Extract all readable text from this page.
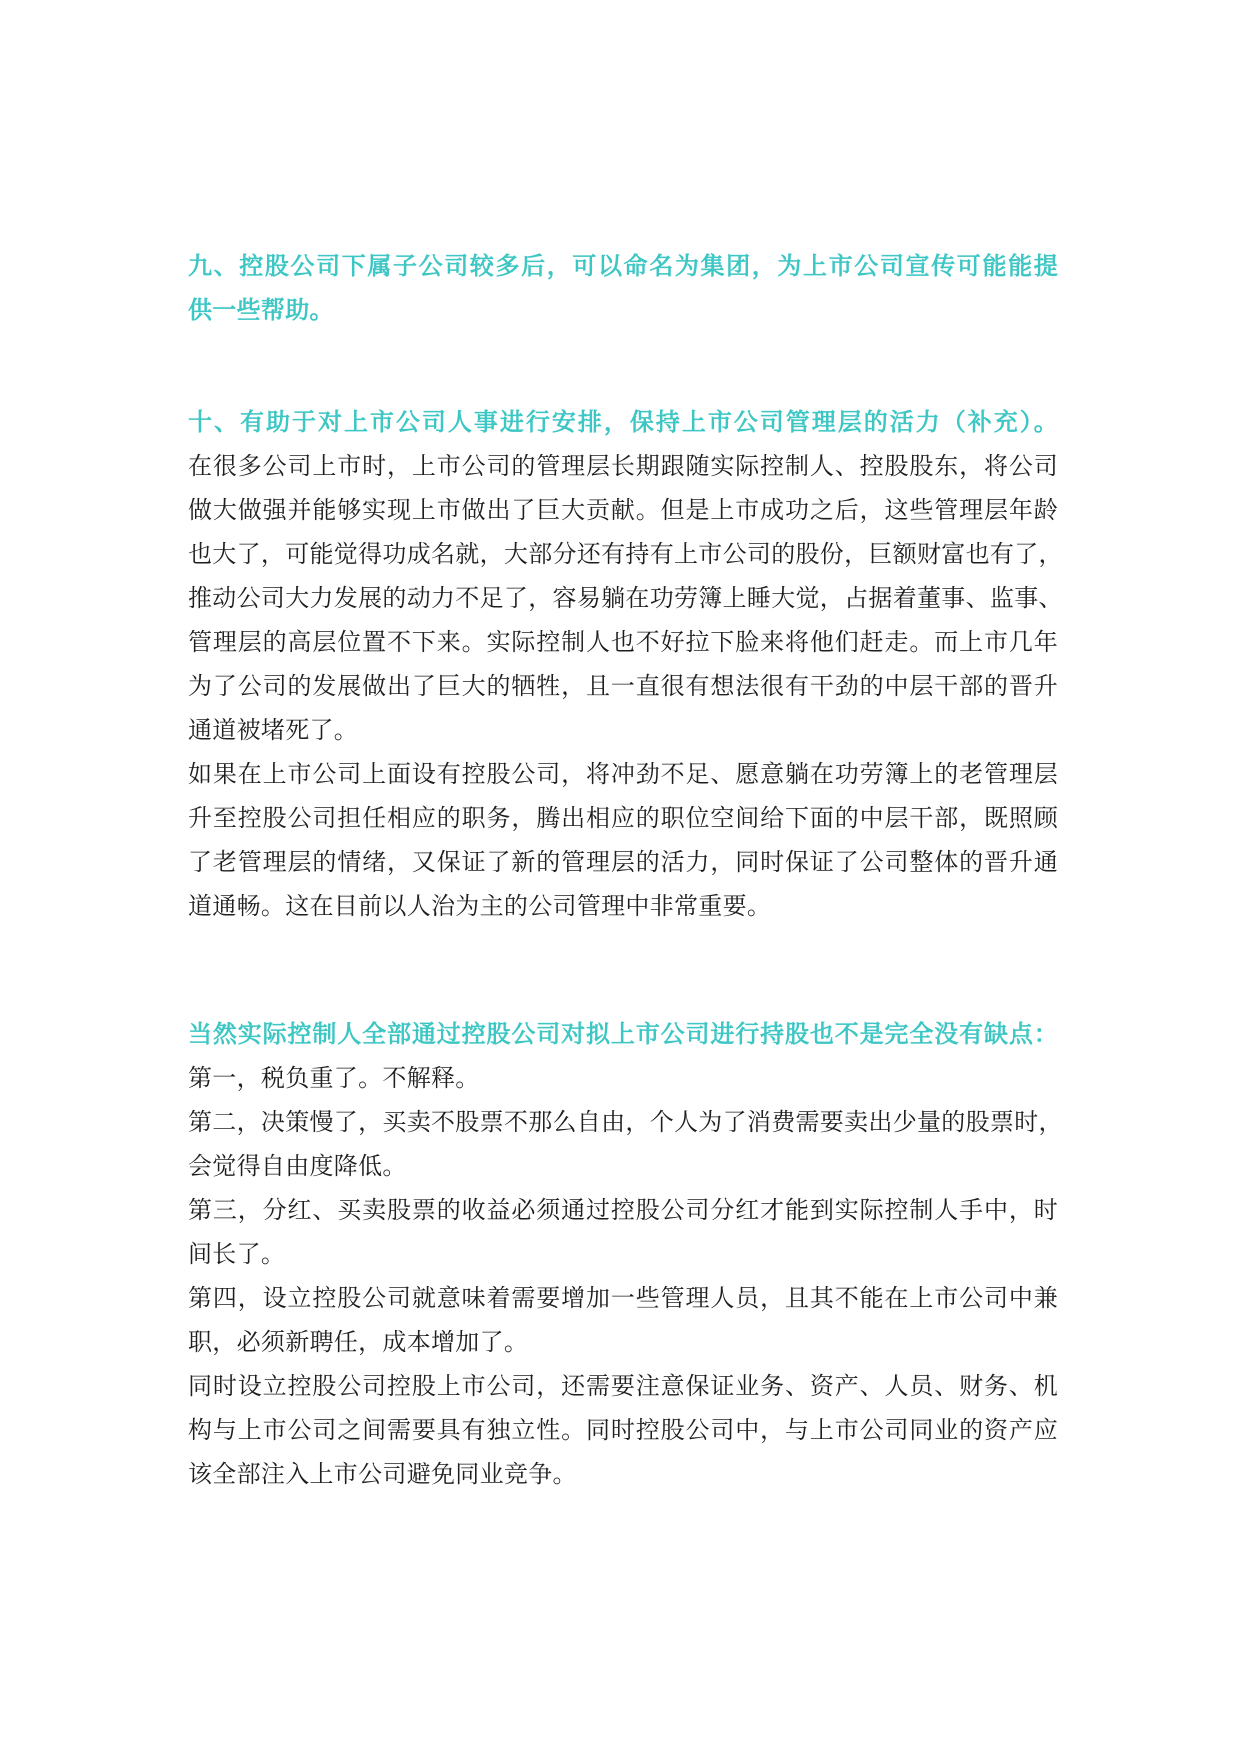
九、控股公司下属子公司较多后，可以命名为集团，为上市公司宣传可能能提
供一些帮助。
十、有助于对上市公司人事进行安排，保持上市公司管理层的活力（补充）。
在很多公司上市时，上市公司的管理层长期跟随实际控制人、控股股东，将公司
做大做强并能够实现上市做出了巨大贡献。但是上市成功之后，这些管理层年龄
也大了，可能觉得功成名就，大部分还有持有上市公司的股份，巨额财富也有了，
推动公司大力发展的动力不足了，容易躺在功劳簿上睡大觉，占据着董事、监事、
管理层的高层位置不下来。实际控制人也不好拉下脸来将他们赶走。而上市几年
为了公司的发展做出了巨大的牺牲，且一直很有想法很有干劲的中层干部的晋升
通道被堵死了。
如果在上市公司上面设有控股公司，将冲劲不足、愿意躺在功劳簿上的老管理层
升至控股公司担任相应的职务，腾出相应的职位空间给下面的中层干部，既照顾
了老管理层的情绪，又保证了新的管理层的活力，同时保证了公司整体的晋升通
道通畅。这在目前以人治为主的公司管理中非常重要。
当然实际控制人全部通过控股公司对拟上市公司进行持股也不是完全没有缺点：
第一，税负重了。不解释。
第二，决策慢了，买卖不股票不那么自由，个人为了消费需要卖出少量的股票时，
会觉得自由度降低。
第三，分红、买卖股票的收益必须通过控股公司分红才能到实际控制人手中，时
间长了。
第四，设立控股公司就意味着需要增加一些管理人员，且其不能在上市公司中兼
职，必须新聘任，成本增加了。
同时设立控股公司控股上市公司，还需要注意保证业务、资产、人员、财务、机
构与上市公司之间需要具有独立性。同时控股公司中，与上市公司同业的资产应
该全部注入上市公司避免同业竞争。
